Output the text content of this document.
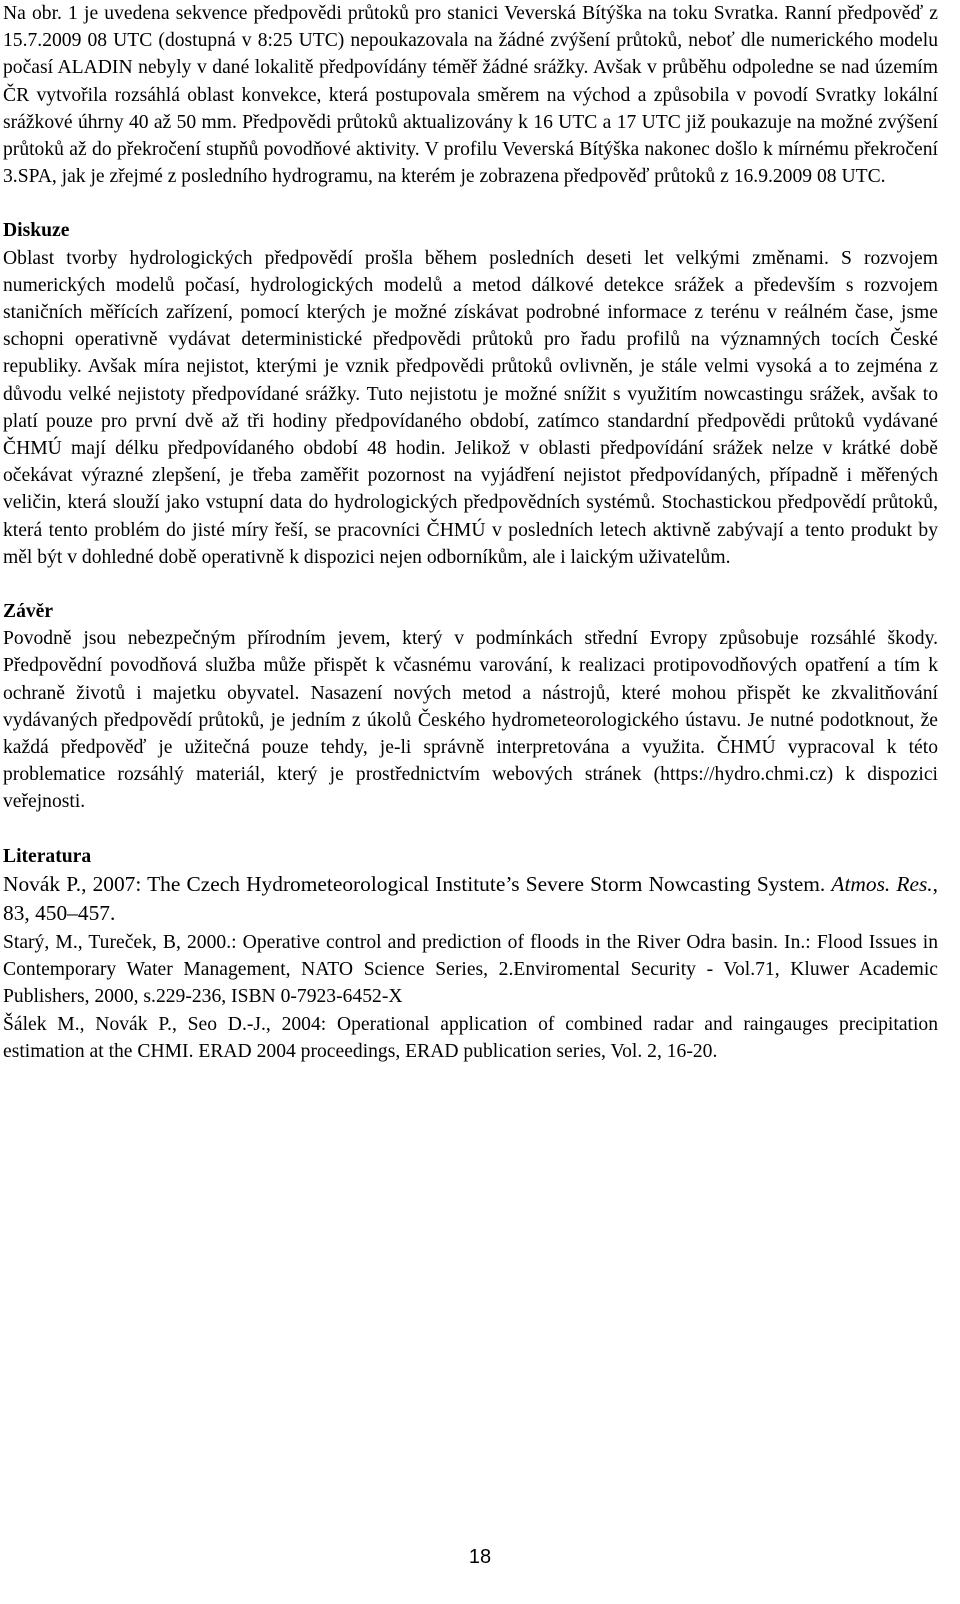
Na obr. 1 je uvedena sekvence předpovědi průtoků pro stanici Veverská Bítýška na toku Svratka. Ranní předpověď z 15.7.2009 08 UTC (dostupná v 8:25 UTC) nepoukazovala na žádné zvýšení průtoků, neboť dle numerického modelu počasí ALADIN nebyly v dané lokalitě předpovídány téměř žádné srážky. Avšak v průběhu odpoledne se nad územím ČR vytvořila rozsáhlá oblast konvekce, která postupovala směrem na východ a způsobila v povodí Svratky lokální srážkové úhrny 40 až 50 mm. Předpovědi průtoků aktualizovány k 16 UTC a 17 UTC již poukazuje na možné zvýšení průtoků až do překročení stupňů povodňové aktivity. V profilu Veverská Bítýška nakonec došlo k mírnému překročení 3.SPA, jak je zřejmé z posledního hydrogramu, na kterém je zobrazena předpověď průtoků z 16.9.2009 08 UTC.

Diskuze

Oblast tvorby hydrologických předpovědí prošla během posledních deseti let velkými změnami. S rozvojem numerických modelů počasí, hydrologických modelů a metod dálkové detekce srážek a především s rozvojem staničních měřících zařízení, pomocí kterých je možné získávat podrobné informace z terénu v reálném čase, jsme schopni operativně vydávat deterministické předpovědi průtoků pro řadu profilů na významných tocích České republiky. Avšak míra nejistot, kterými je vznik předpovědi průtoků ovlivněn, je stále velmi vysoká a to zejména z důvodu velké nejistoty předpovídané srážky. Tuto nejistotu je možné snížit s využitím nowcastingu srážek, avšak to platí pouze pro první dvě až tři hodiny předpovídaného období, zatímco standardní předpovědi průtoků vydávané ČHMÚ mají délku předpovídaného období 48 hodin. Jelikož v oblasti předpovídání srážek nelze v krátké době očekávat výrazné zlepšení, je třeba zaměřit pozornost na vyjádření nejistot předpovídaných, případně i měřených veličin, která slouží jako vstupní data do hydrologických předpovědních systémů. Stochastickou předpovědí průtoků, která tento problém do jisté míry řeší, se pracovníci ČHMÚ v posledních letech aktivně zabývají a tento produkt by měl být v dohledné době operativně k dispozici nejen odborníkům, ale i laickým uživatelům.

Závěr

Povodně jsou nebezpečným přírodním jevem, který v podmínkách střední Evropy způsobuje rozsáhlé škody. Předpovědní povodňová služba může přispět k včasnému varování, k realizaci protipovodňových opatření a tím k ochraně životů i majetku obyvatel. Nasazení nových metod a nástrojů, které mohou přispět ke zkvalitňování vydávaných předpovědí průtoků, je jedním z úkolů Českého hydrometeorologického ústavu. Je nutné podotknout, že každá předpověď je užitečná pouze tehdy, je-li správně interpretována a využita. ČHMÚ vypracoval k této problematice rozsáhlý materiál, který je prostřednictvím webových stránek (https://hydro.chmi.cz) k dispozici veřejnosti.

Literatura

Novák P., 2007: The Czech Hydrometeorological Institute’s Severe Storm Nowcasting System. Atmos. Res., 83, 450–457.

Starý, M., Tureček, B, 2000.: Operative control and prediction of floods in the River Odra basin. In.: Flood Issues in Contemporary Water Management, NATO Science Series, 2.Enviromental Security - Vol.71, Kluwer Academic Publishers, 2000, s.229-236, ISBN 0-7923-6452-X

Šálek M., Novák P., Seo D.-J., 2004: Operational application of combined radar and raingauges precipitation estimation at the CHMI. ERAD 2004 proceedings, ERAD publication series, Vol. 2, 16-20.

18
